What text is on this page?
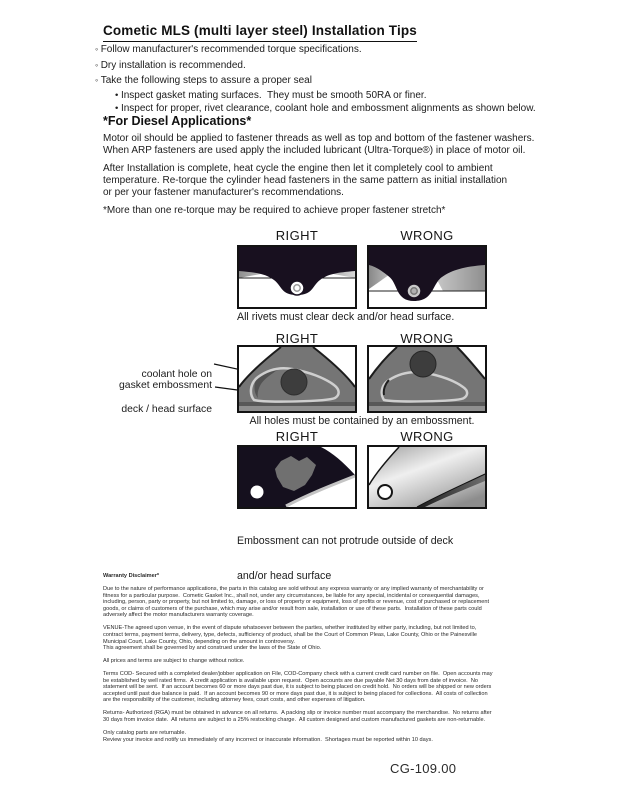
Cometic MLS (multi layer steel) Installation Tips
◦ Follow manufacturer's recommended torque specifications.
◦ Dry installation is recommended.
◦ Take the following steps to assure a proper seal
• Inspect gasket mating surfaces.  They must be smooth 50RA or finer.
• Inspect for proper, rivet clearance, coolant hole and embossment alignments as shown below.
*For Diesel Applications*
Motor oil should be applied to fastener threads as well as top and bottom of the fastener washers.
When ARP fasteners are used apply the included lubricant (Ultra-Torque®) in place of motor oil.
After Installation is complete, heat cycle the engine then let it completely cool to ambient
temperature. Re-torque the cylinder head fasteners in the same pattern as initial installation
or per your fastener manufacturer's recommendations.
*More than one re-torque may be required to achieve proper fastener stretch*
RIGHT	WRONG
All rivets must clear deck and/or head surface.
RIGHT	WRONG

coolant hole on

deck / head surface

gasket embossment
All holes must be contained by an embossment.
RIGHT	WRONG

Embossment can not protrude outside of deck

and/or head surface

Warranty Disclaimer*

Due to the nature of performance applications, the parts in this catalog are sold without any express warranty or any implied warranty of merchantability or
fitness for a particular purpose.  Cometic Gasket Inc., shall not, under any circumstances, be liable for any special, incidental or consequential damages,
including, person, party or property, but not limited to, damage, or loss of property or equipment, loss of profits or revenue, cost of purchased or replacement
goods, or claims of customers of the purchase, which may arise and/or result from sale, installation or use of these parts.  Installation of these parts could
adversely affect the motor manufacturers warranty coverage.

VENUE-The agreed upon venue, in the event of dispute whatsoever between the parties, whether instituted by either party, including, but not limited to,
contract terms, payment terms, delivery, type, defects, sufficiency of product, shall be the Court of Common Pleas, Lake County, Ohio or the Painesville
Municipal Court, Lake County, Ohio, depending on the amount in controversy.
This agreement shall be governed by and construed under the laws of the State of Ohio.

All prices and terms are subject to change without notice.

Terms COD- Secured with a completed dealer/jobber application on File, COD-Company check with a current credit card number on file.  Open accounts may
be established by well rated firms.  A credit application is available upon request.  Open accounts are due payable Net 30 days from date of invoice.  No
statement will be sent.  If an account becomes 60 or more days past due, it is subject to being placed on credit hold.  No orders will be shipped or new orders
accepted until past due balance is paid.  If an account becomes 90 or more days past due, it is subject to being placed for collections.  All costs of collection
are the responsibility of the customer, including attorney fees, court costs, and other expenses of litigation.

Returns- Authorized (RGA) must be obtained in advance on all returns.  A packing slip or invoice number must accompany the merchandise.  No returns after
30 days from invoice date.  All returns are subject to a 25% restocking charge.  All custom designed and custom manufactured gaskets are non-returnable.

Only catalog parts are returnable.
Review your invoice and notify us immediately of any incorrect or inaccurate information.  Shortages must be reported within 10 days.

CG-109.00
